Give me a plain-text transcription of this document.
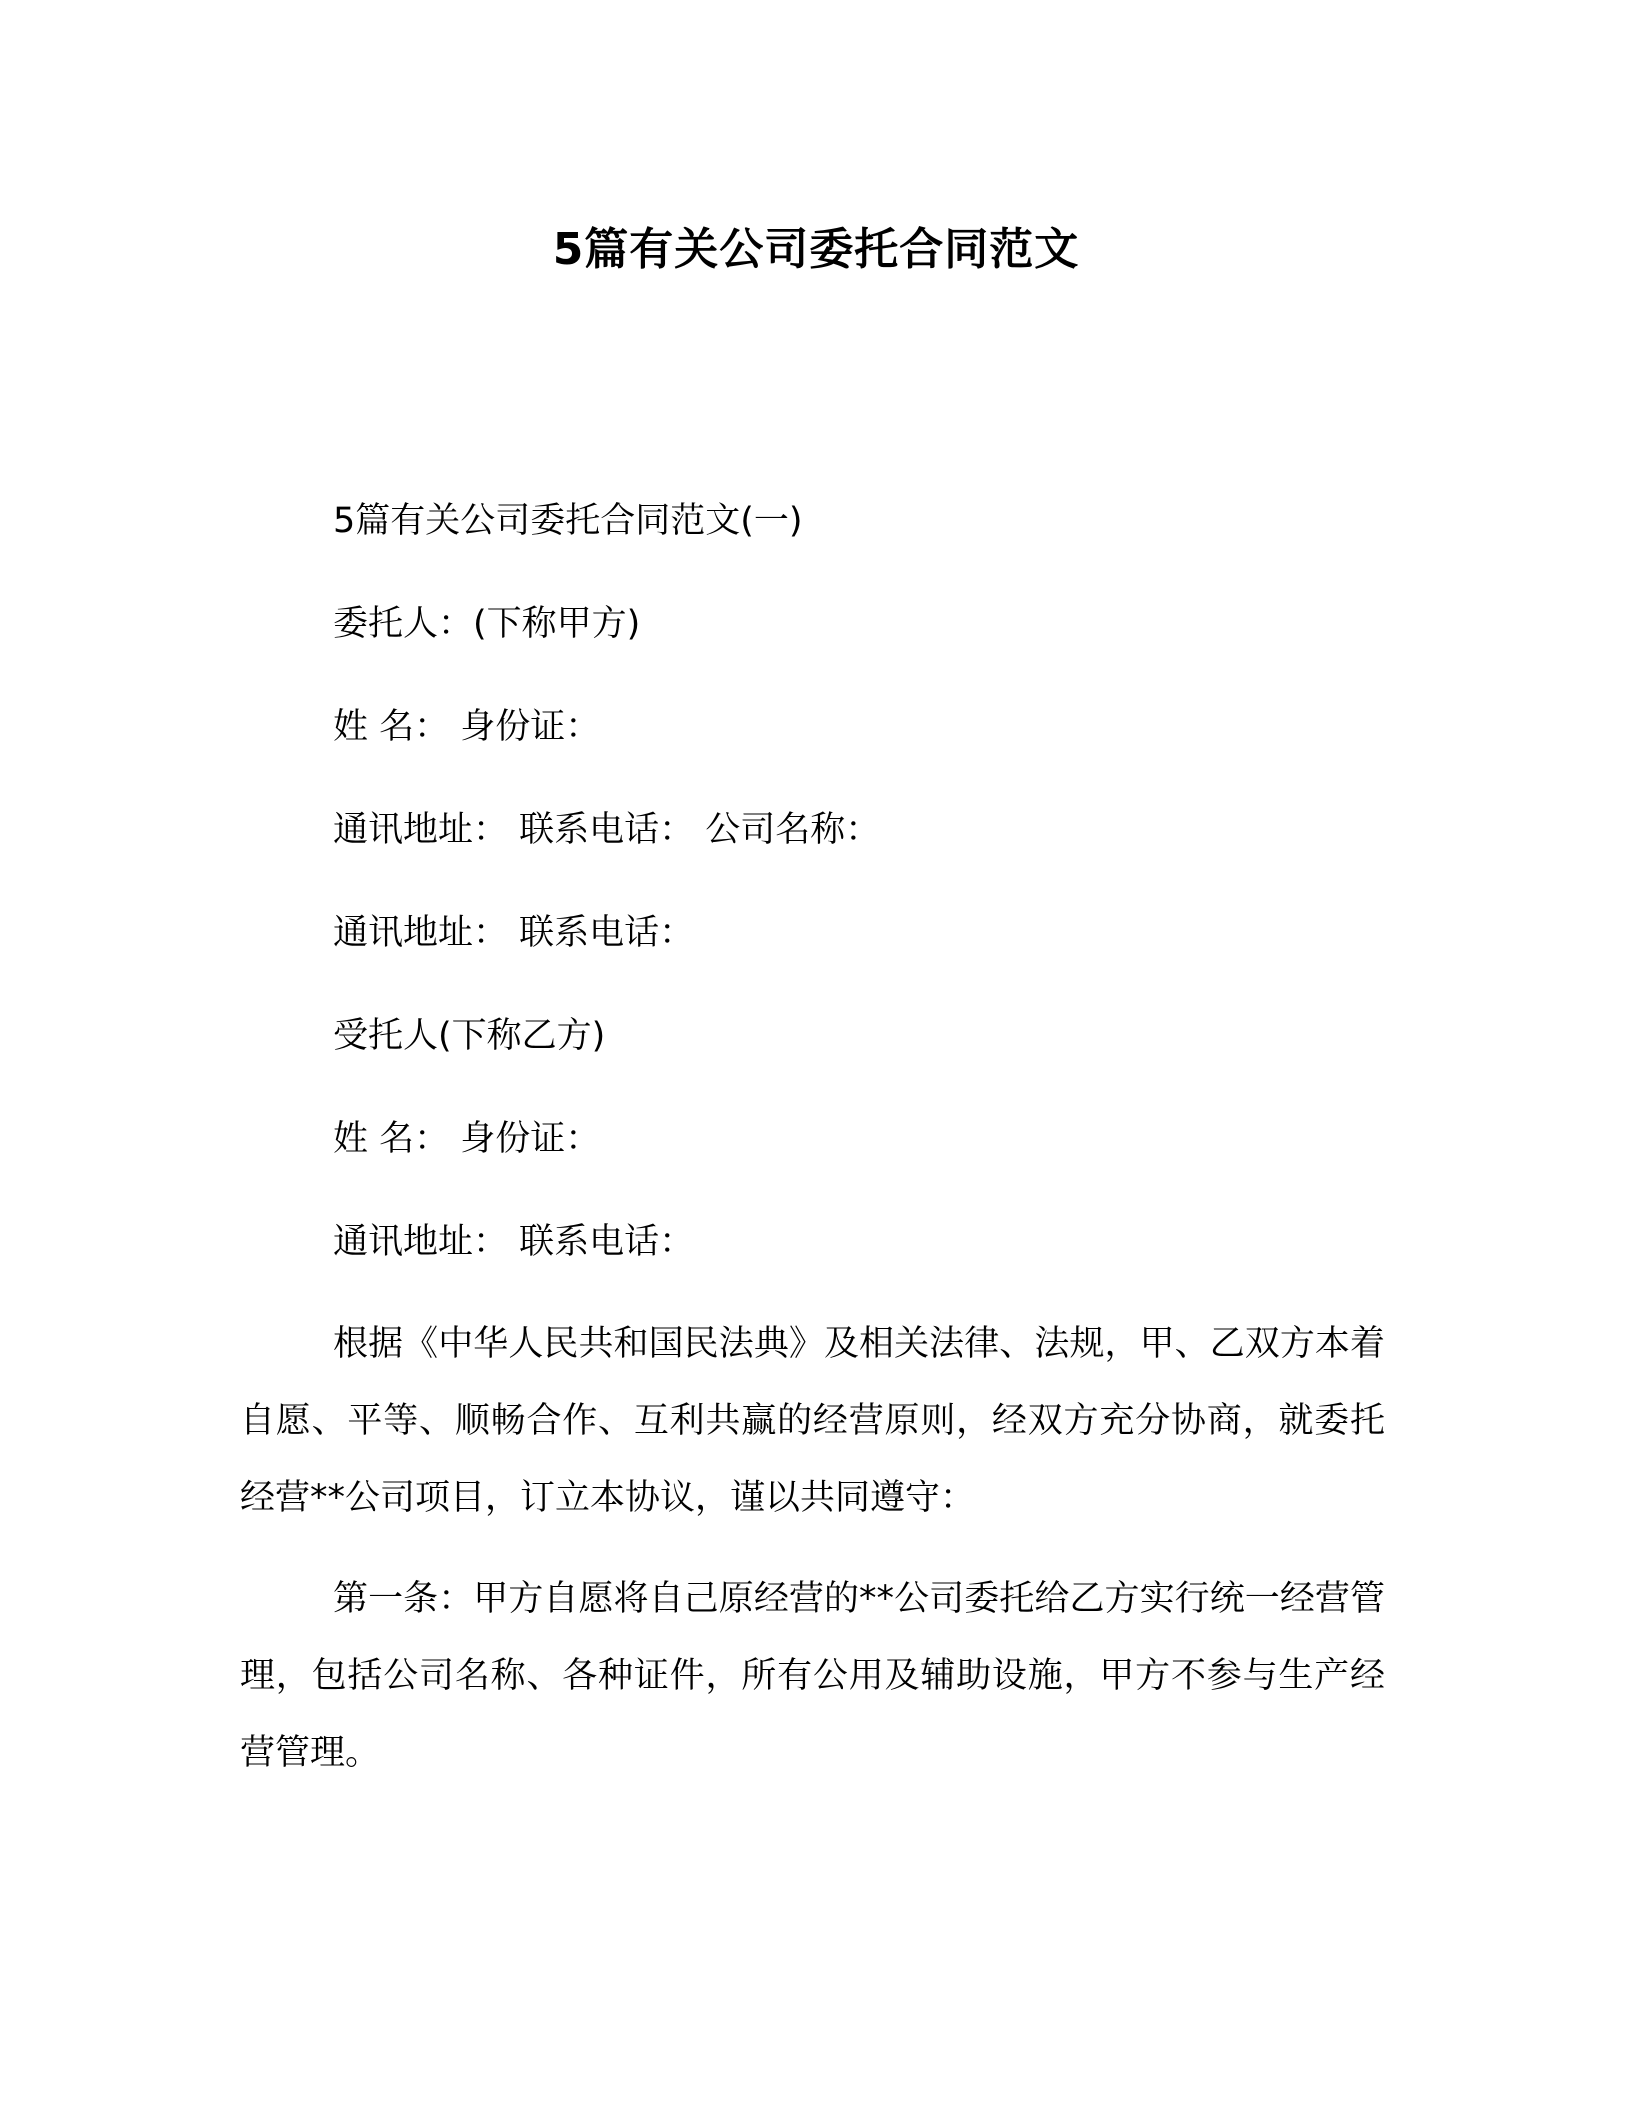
5篇有关公司委托合同范文
5篇有关公司委托合同范文(一)
委托人：(下称甲方)
姓 名： 身份证：
通讯地址： 联系电话： 公司名称：
通讯地址： 联系电话：
受托人(下称乙方)
姓 名： 身份证：
通讯地址： 联系电话：
根据《中华人民共和国民法典》及相关法律、法规，甲、乙双方本着自愿、平等、顺畅合作、互利共赢的经营原则，经双方充分协商，就委托经营**公司项目，订立本协议，谨以共同遵守：
第一条：甲方自愿将自己原经营的**公司委托给乙方实行统一经营管理，包括公司名称、各种证件，所有公用及辅助设施，甲方不参与生产经营管理。
